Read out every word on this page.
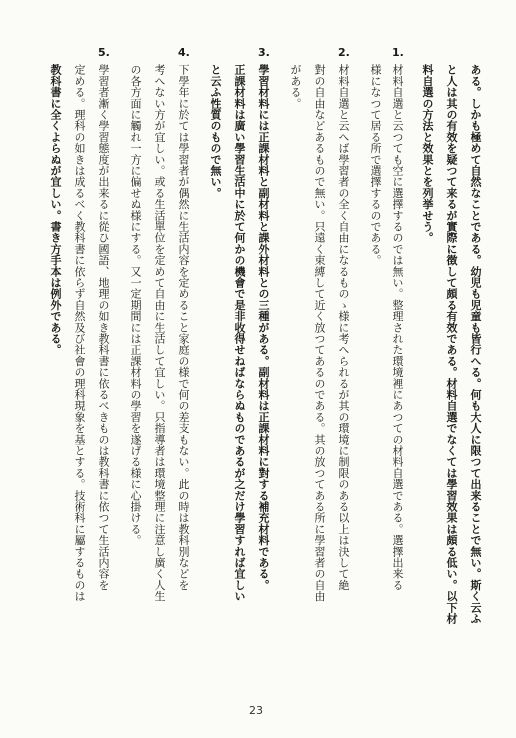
ある。しかも極めて自然なことである。幼児も児童も皆行へる。何も大人に限つて出来ることで無い。斯く云ふ
と人は其の有效を疑つて来るが實際に徴して頗る有效である。材料自選でなくては學習效果は頗る低い。以下材
料自選の方法と效果とを列挙せう。
1.
材料自選と云つても空に選擇するのでは無い。整理された環境裡にあつての材料自選である。選擇出来る
様になつて居る所で選擇するのである。
2.
材料自選と云へば學習者の全く自由になるものゝ様に考へられるが其の環境に制限のある以上は決して絶
對の自由などあるもので無い。只遠く束縛して近く放つてあるのである。其の放つてある所に學習者の自由
がある。
3.
學習材料には正課材料と副材料と課外材料との三種がある。副材料は正課材料に對する補充材料である。
正課材料は廣い學習生活中に於て何かの機會で是非收得せねばならぬものであるが之だけ學習すれば宜しい
と云ふ性質のもので無い。
4.
下學年に於ては學習者が偶然に生活内容を定めること家庭の様で何の差支もない。此の時は教科別などを
考へない方が宜しい。或る生活單位を定めて自由に生活して宜しい。只指導者は環境整理に注意し廣く人生
の各方面に觸れ一方に偏せぬ様にする。又一定期間には正課材料の學習を遂げる様に心掛ける。
5.
學習者漸く學習態度が出来るに從ひ國語、地理の如き教科書に依るべきものは教科書に依つて生活内容を
定める。理科の如きは成るべく教科書に依らず自然及び社會の理科現象を基とする。技術科に屬するものは
教科書に全くよらぬが宜しい。書き方手本は例外である。
23
